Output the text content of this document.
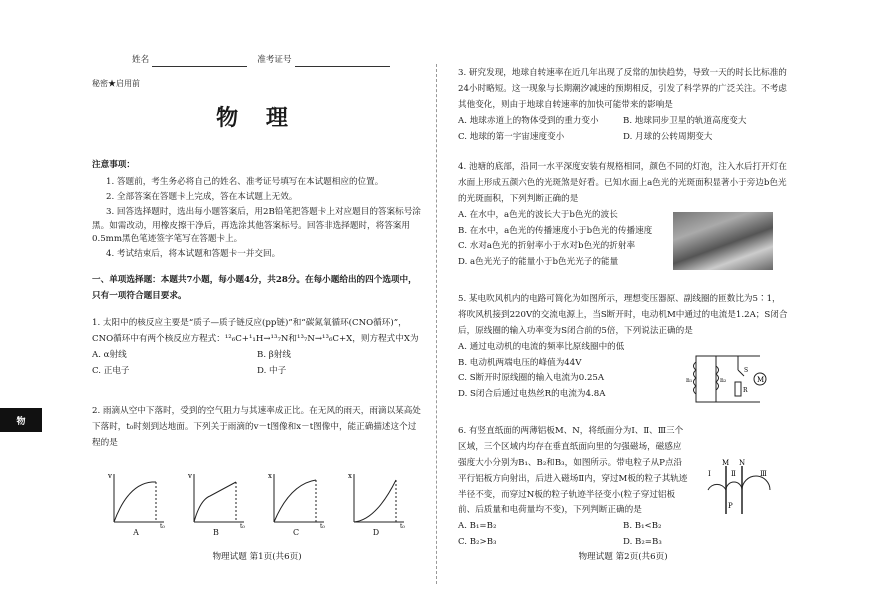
物
姓名	准考证号
秘密★启用前
物 理
注意事项：

1. 答题前，考生务必将自己的姓名、准考证号填写在本试题相应的位置。

2. 全部答案在答题卡上完成，答在本试题上无效。

3. 回答选择题时，选出每小题答案后，用2B铅笔把答题卡上对应题目的答案标号涂黑。如需改动，用橡皮擦干净后，再选涂其他答案标号。回答非选择题时，将答案用0.5mm黑色笔迹签字笔写在答题卡上。

4. 考试结束后，将本试题和答题卡一并交回。

一、单项选择题：本题共7小题，每小题4分，共28分。在每小题给出的四个选项中，只有一项符合题目要求。
1. 太阳中的核反应主要是“质子—质子链反应(pp链)”和“碳氮氧循环(CNO循环)”，CNO循环中有两个核反应方程式：¹²₆C+¹₁H→¹³₇N和¹³₇N→¹³₆C+X，则方程式中X为
A. α射线	B. β射线
C. 正电子	D. 中子
2. 雨滴从空中下落时，受到的空气阻力与其速率成正比。在无风的雨天，雨滴以某高处下落时，t₀时刻到达地面。下列关于雨滴的v－t图像和x－t图像中，能正确描述这个过程的是
v
t₀
A
v
t₀
B
x
t₀
C
x
t₀
D
物理试题 第1页(共6页)
3. 研究发现，地球自转速率在近几年出现了反常的加快趋势，导致一天的时长比标准的24小时略短。这一现象与长期潮汐减速的预期相反，引发了科学界的广泛关注。不考虑其他变化，则由于地球自转速率的加快可能带来的影响是
A. 地球赤道上的物体受到的重力变小	B. 地球同步卫星的轨道高度变大
C. 地球的第一宇宙速度变小	D. 月球的公转周期变大
4. 池塘的底部，沿同一水平深度安装有规格相同，颜色不同的灯泡，注入水后打开灯在水面上形成五颜六色的光斑煞是好看。已知水面上a色光的光斑面积显著小于旁边b色光的光斑面积，下列判断正确的是
A. 在水中，a色光的波长大于b色光的波长
B. 在水中，a色光的传播速度小于b色光的传播速度
C. 水对a色光的折射率小于水对b色光的折射率
D. a色光光子的能量小于b色光光子的能量
5. 某电吹风机内的电路可简化为如图所示，理想变压器原、副线圈的匝数比为5∶1，将吹风机接到220V的交流电源上，当S断开时，电动机M中通过的电流是1.2A；S闭合后，原线圈的输入功率变为S闭合前的5倍，下列说法正确的是
A. 通过电动机的电流的频率比原线圈中的低
B. 电动机两端电压的峰值为44V
C. S断开时原线圈的输入电流为0.25A
D. S闭合后通过电热丝R的电流为4.8A
M
S
R
n₁	n₂
6. 有竖直纸面的两薄铝板M、N，将纸面分为Ⅰ、Ⅱ、Ⅲ三个区域，三个区域内均存在垂直纸面向里的匀强磁场，磁感应强度大小分别为B₁、B₂和B₃，如图所示。带电粒子从P点沿平行铝板方向射出，后进入磁场Ⅱ内，穿过M板的粒子其轨迹半径不变，而穿过N板的粒子轨迹半径变小(粒子穿过铝板前、后质量和电荷量均不变)，下列判断正确的是
A. B₁=B₂	B. B₁<B₂
C. B₂>B₃	D. B₂=B₃
M N
Ⅰ	Ⅱ	Ⅲ
P
物理试题 第2页(共6页)
